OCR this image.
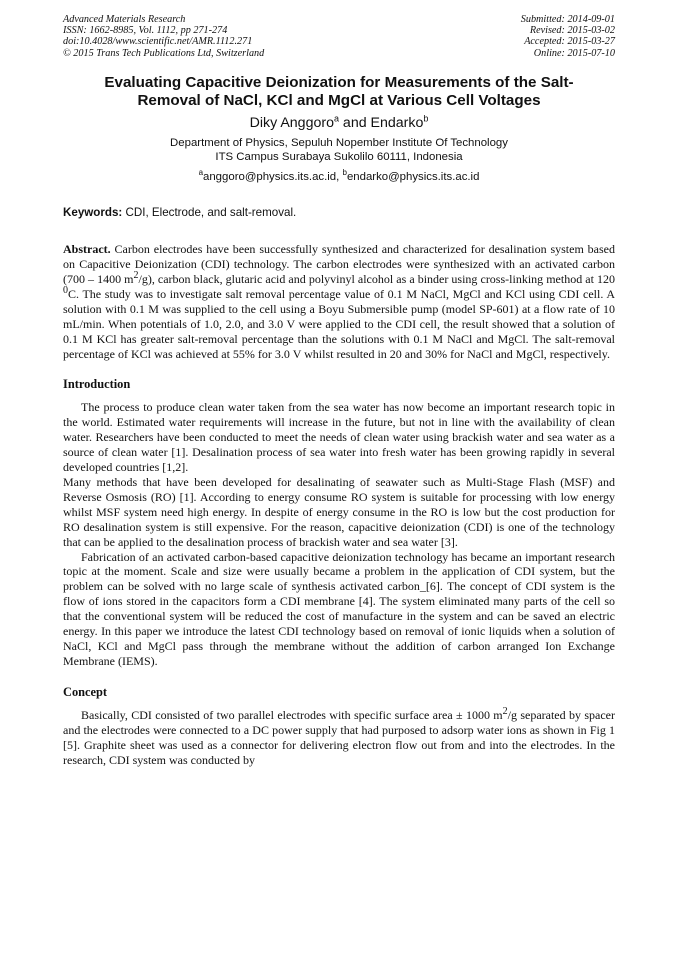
Advanced Materials Research
ISSN: 1662-8985, Vol. 1112, pp 271-274
doi:10.4028/www.scientific.net/AMR.1112.271
© 2015 Trans Tech Publications Ltd, Switzerland
Submitted: 2014-09-01
Revised: 2015-03-02
Accepted: 2015-03-27
Online: 2015-07-10
Evaluating Capacitive Deionization for Measurements of the Salt-
Removal of NaCl, KCl and MgCl at Various Cell Voltages
Diky Anggoro$^a$ and Endarko$^b$
Department of Physics, Sepuluh Nopember Institute Of Technology
ITS Campus Surabaya Sukolilo 60111, Indonesia
$^a$anggoro@physics.its.ac.id, $^b$endarko@physics.its.ac.id
Keywords: CDI, Electrode, and salt-removal.
Abstract. Carbon electrodes have been successfully synthesized and characterized for desalination system based on Capacitive Deionization (CDI) technology. The carbon electrodes were synthesized with an activated carbon (700 – 1400 $m^2/g$), carbon black, glutaric acid and polyvinyl alcohol as a binder using cross-linking method at 120 $^0$C. The study was to investigate salt removal percentage value of 0.1 M NaCl, MgCl and KCl using CDI cell. A solution with 0.1 M was supplied to the cell using a Boyu Submersible pump (model SP-601) at a flow rate of 10 mL/min. When potentials of 1.0, 2.0, and 3.0 V were applied to the CDI cell, the result showed that a solution of 0.1 M KCl has greater salt-removal percentage than the solutions with 0.1 M NaCl and MgCl. The salt-removal percentage of KCl was achieved at 55% for 3.0 V whilst resulted in 20 and 30% for NaCl and MgCl, respectively.
Introduction
The process to produce clean water taken from the sea water has now become an important research topic in the world. Estimated water requirements will increase in the future, but not in line with the availability of clean water. Researchers have been conducted to meet the needs of clean water using brackish water and sea water as a source of clean water [1]. Desalination process of sea water into fresh water has been growing rapidly in several developed countries [1,2].
Many methods that have been developed for desalinating of seawater such as Multi-Stage Flash (MSF) and Reverse Osmosis (RO) [1]. According to energy consume RO system is suitable for processing with low energy whilst MSF system need high energy. In despite of energy consume in the RO is low but the cost production for RO desalination system is still expensive. For the reason, capacitive deionization (CDI) is one of the technology that can be applied to the desalination process of brackish water and sea water [3].
Fabrication of an activated carbon-based capacitive deionization technology has became an important research topic at the moment. Scale and size were usually became a problem in the application of CDI system, but the problem can be solved with no large scale of synthesis activated carbon_[6]. The concept of CDI system is the flow of ions stored in the capacitors form a CDI membrane [4]. The system eliminated many parts of the cell so that the conventional system will be reduced the cost of manufacture in the system and can be saved an electric energy. In this paper we introduce the latest CDI technology based on removal of ionic liquids when a solution of NaCl, KCl and MgCl pass through the membrane without the addition of carbon arranged Ion Exchange Membrane (IEMS).
Concept
Basically, CDI consisted of two parallel electrodes with specific surface area ± 1000 $m^2/g$ separated by spacer and the electrodes were connected to a DC power supply that had purposed to adsorp water ions as shown in Fig 1 [5]. Graphite sheet was used as a connector for delivering electron flow out from and into the electrodes. In the research, CDI system was conducted by
